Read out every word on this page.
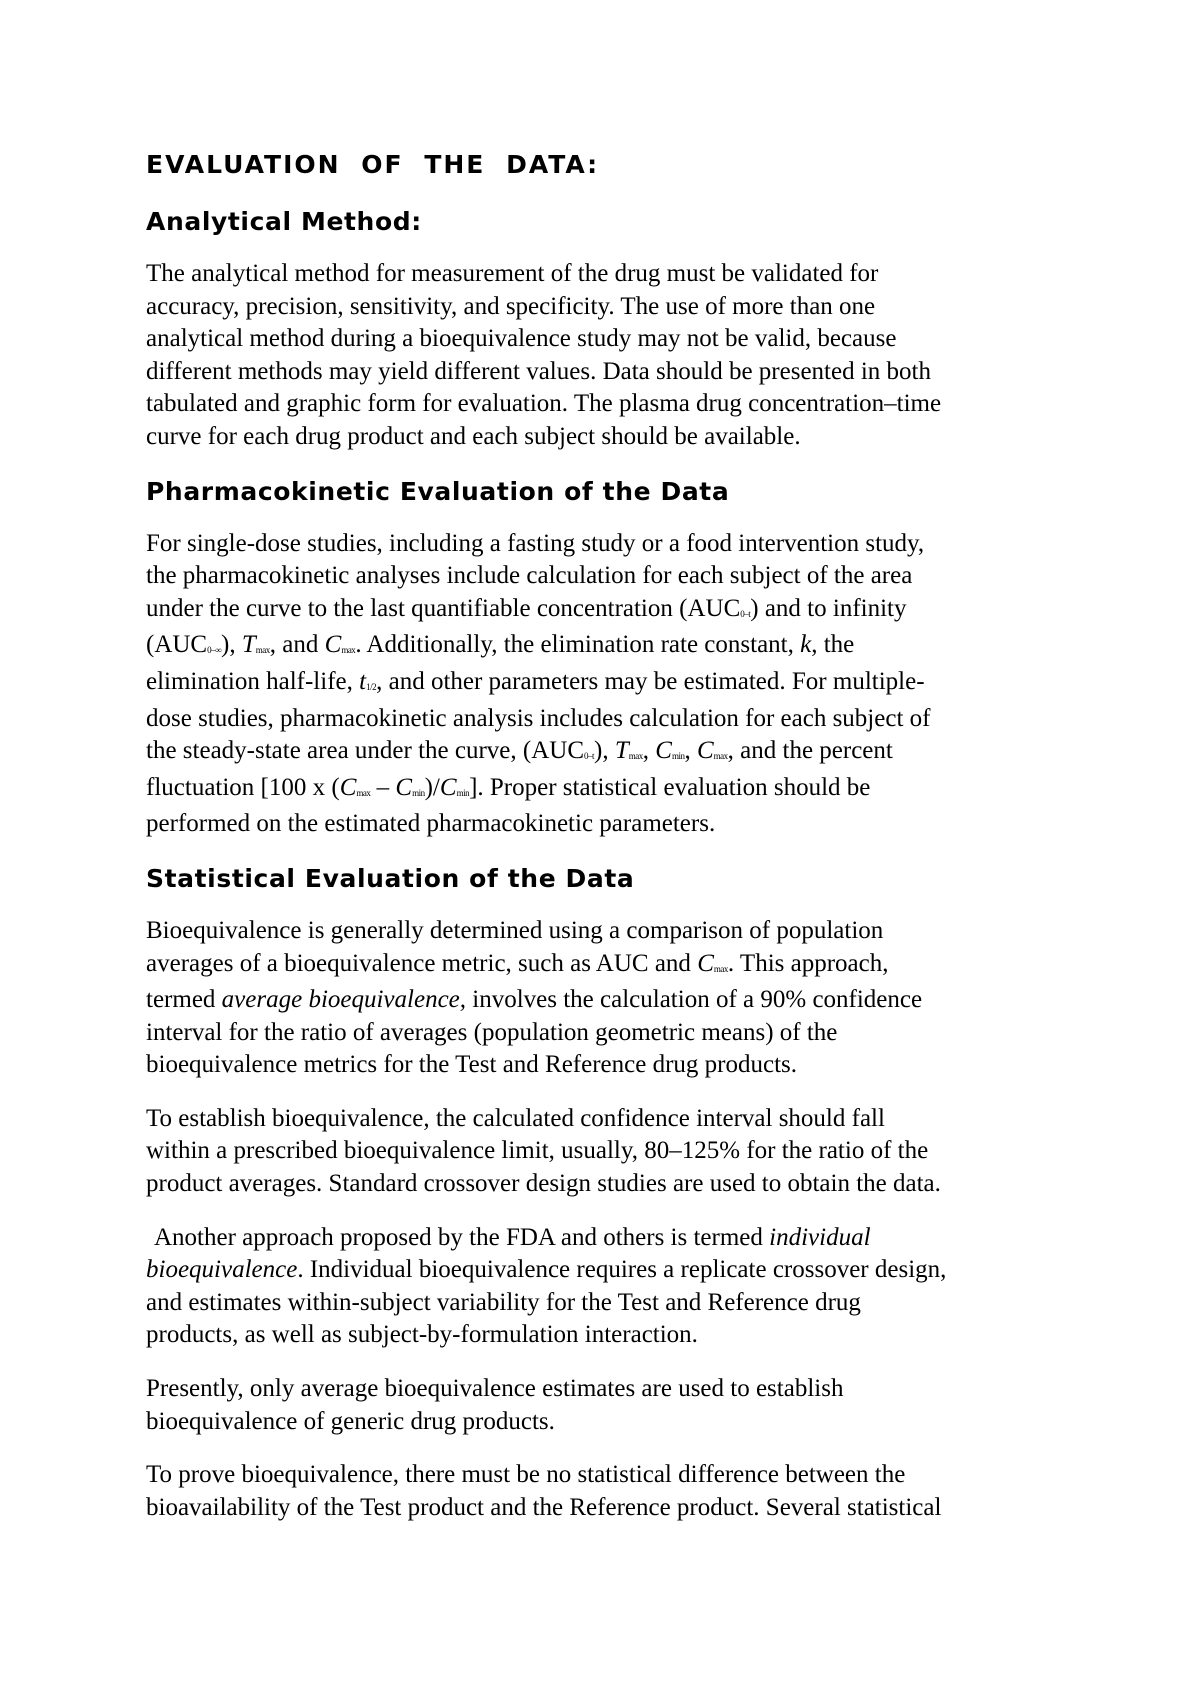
EVALUATION OF THE DATA:
Analytical Method:
The analytical method for measurement of the drug must be validated for
accuracy, precision, sensitivity, and specificity. The use of more than one
analytical method during a bioequivalence study may not be valid, because
different methods may yield different values. Data should be presented in both
tabulated and graphic form for evaluation. The plasma drug concentration–time
curve for each drug product and each subject should be available.
Pharmacokinetic Evaluation of the Data
For single-dose studies, including a fasting study or a food intervention study,
the pharmacokinetic analyses include calculation for each subject of the area
under the curve to the last quantifiable concentration (AUC0–t) and to infinity
(AUC0–∞), Tmax, and Cmax. Additionally, the elimination rate constant, k, the
elimination half-life, t1/2, and other parameters may be estimated. For multiple-
dose studies, pharmacokinetic analysis includes calculation for each subject of
the steady-state area under the curve, (AUC0–t), Tmax, Cmin, Cmax, and the percent
fluctuation [100 x (Cmax – Cmin)/Cmin]. Proper statistical evaluation should be
performed on the estimated pharmacokinetic parameters.
Statistical Evaluation of the Data
Bioequivalence is generally determined using a comparison of population
averages of a bioequivalence metric, such as AUC and Cmax. This approach,
termed average bioequivalence, involves the calculation of a 90% confidence
interval for the ratio of averages (population geometric means) of the
bioequivalence metrics for the Test and Reference drug products.
To establish bioequivalence, the calculated confidence interval should fall
within a prescribed bioequivalence limit, usually, 80–125% for the ratio of the
product averages. Standard crossover design studies are used to obtain the data.
Another approach proposed by the FDA and others is termed individual
bioequivalence. Individual bioequivalence requires a replicate crossover design,
and estimates within-subject variability for the Test and Reference drug
products, as well as subject-by-formulation interaction.
Presently, only average bioequivalence estimates are used to establish
bioequivalence of generic drug products.
To prove bioequivalence, there must be no statistical difference between the
bioavailability of the Test product and the Reference product. Several statistical
